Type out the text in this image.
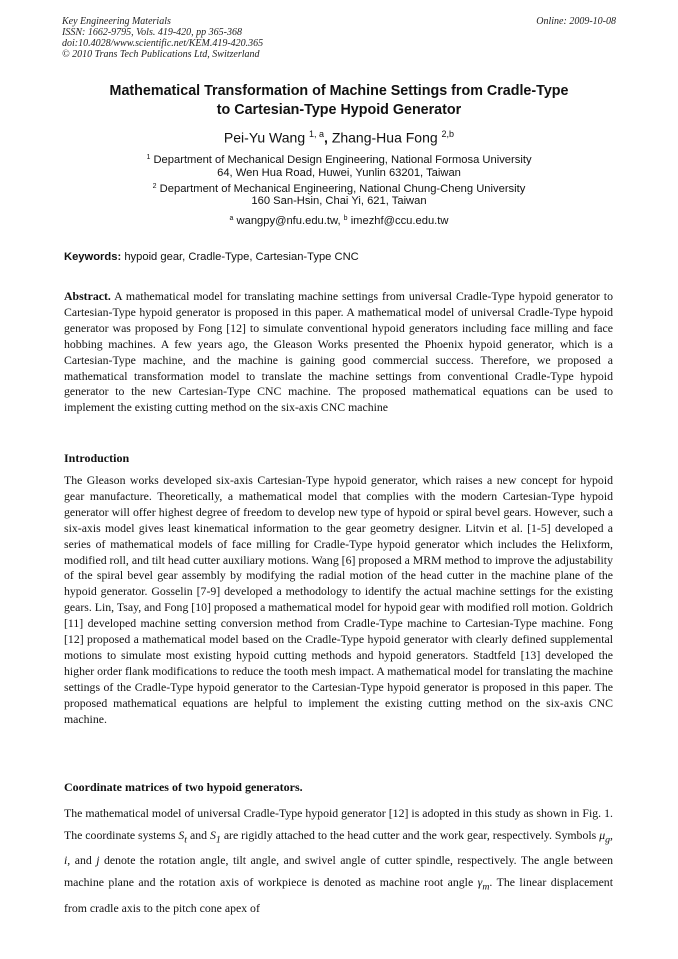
Key Engineering Materials
ISSN: 1662-9795, Vols. 419-420, pp 365-368
doi:10.4028/www.scientific.net/KEM.419-420.365
© 2010 Trans Tech Publications Ltd, Switzerland
Online: 2009-10-08
Mathematical Transformation of Machine Settings from Cradle-Type
to Cartesian-Type Hypoid Generator
Pei-Yu Wang $^{1, a}$, Zhang-Hua Fong $^{2,b}$
$^1$ Department of Mechanical Design Engineering, National Formosa University
64, Wen Hua Road, Huwei, Yunlin 63201, Taiwan
$^2$ Department of Mechanical Engineering, National Chung-Cheng University
160 San-Hsin, Chai Yi, 621, Taiwan
$^a$ wangpy@nfu.edu.tw, $^b$ imezhf@ccu.edu.tw
Keywords: hypoid gear, Cradle-Type, Cartesian-Type CNC
Abstract. A mathematical model for translating machine settings from universal Cradle-Type hypoid generator to Cartesian-Type hypoid generator is proposed in this paper. A mathematical model of universal Cradle-Type hypoid generator was proposed by Fong [12] to simulate conventional hypoid generators including face milling and face hobbing machines. A few years ago, the Gleason Works presented the Phoenix hypoid generator, which is a Cartesian-Type machine, and the machine is gaining good commercial success. Therefore, we proposed a mathematical transformation model to translate the machine settings from conventional Cradle-Type hypoid generator to the new Cartesian-Type CNC machine. The proposed mathematical equations can be used to implement the existing cutting method on the six-axis CNC machine
Introduction
The Gleason works developed six-axis Cartesian-Type hypoid generator, which raises a new concept for hypoid gear manufacture. Theoretically, a mathematical model that complies with the modern Cartesian-Type hypoid generator will offer highest degree of freedom to develop new type of hypoid or spiral bevel gears. However, such a six-axis model gives least kinematical information to the gear geometry designer. Litvin et al. [1-5] developed a series of mathematical models of face milling for Cradle-Type hypoid generator which includes the Helixform, modified roll, and tilt head cutter auxiliary motions. Wang [6] proposed a MRM method to improve the adjustability of the spiral bevel gear assembly by modifying the radial motion of the head cutter in the machine plane of the hypoid generator. Gosselin [7-9] developed a methodology to identify the actual machine settings for the existing gears. Lin, Tsay, and Fong [10] proposed a mathematical model for hypoid gear with modified roll motion. Goldrich [11] developed machine setting conversion method from Cradle-Type machine to Cartesian-Type machine. Fong [12] proposed a mathematical model based on the Cradle-Type hypoid generator with clearly defined supplemental motions to simulate most existing hypoid cutting methods and hypoid generators. Stadtfeld [13] developed the higher order flank modifications to reduce the tooth mesh impact. A mathematical model for translating the machine settings of the Cradle-Type hypoid generator to the Cartesian-Type hypoid generator is proposed in this paper. The proposed mathematical equations are helpful to implement the existing cutting method on the six-axis CNC machine.
Coordinate matrices of two hypoid generators.
The mathematical model of universal Cradle-Type hypoid generator [12] is adopted in this study as shown in Fig. 1. The coordinate systems $S_t$ and $S_1$ are rigidly attached to the head cutter and the work gear, respectively. Symbols $\mu_g$, i, and j denote the rotation angle, tilt angle, and swivel angle of cutter spindle, respectively. The angle between machine plane and the rotation axis of workpiece is denoted as machine root angle $\gamma_m$. The linear displacement from cradle axis to the pitch cone apex of
